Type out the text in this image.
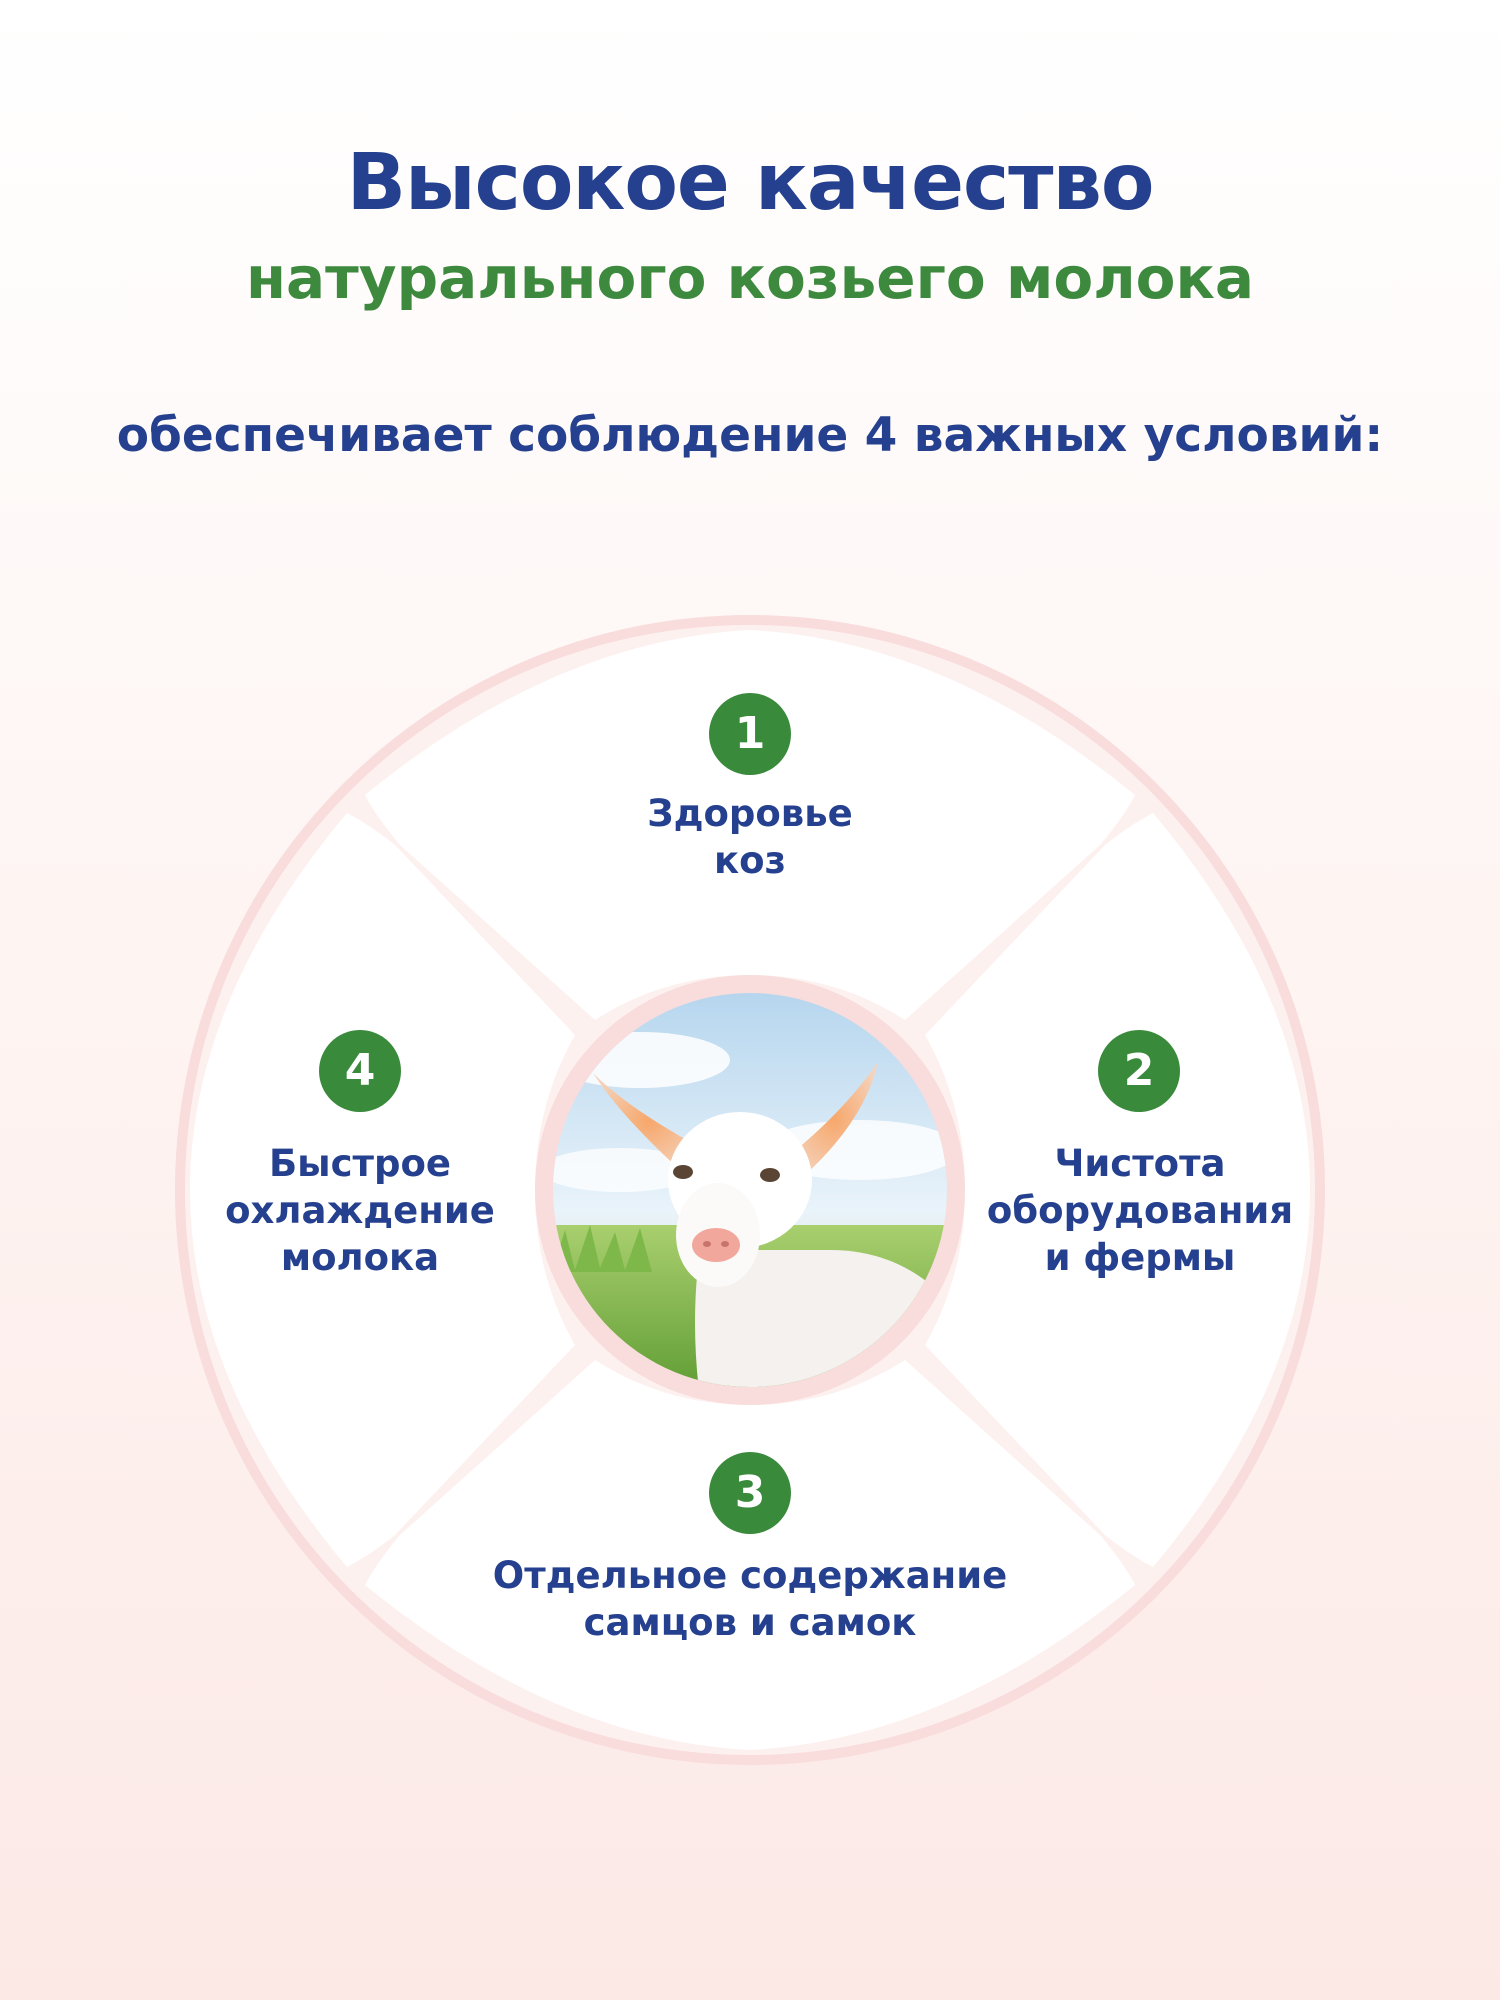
Высокое качество
натурального козьего молока
обеспечивает соблюдение 4 важных условий:
1
Здоровье
коз
2
Чистота
оборудования
и фермы
3
Отдельное содержание
самцов и самок
4
Быстрое
охлаждение
молока
